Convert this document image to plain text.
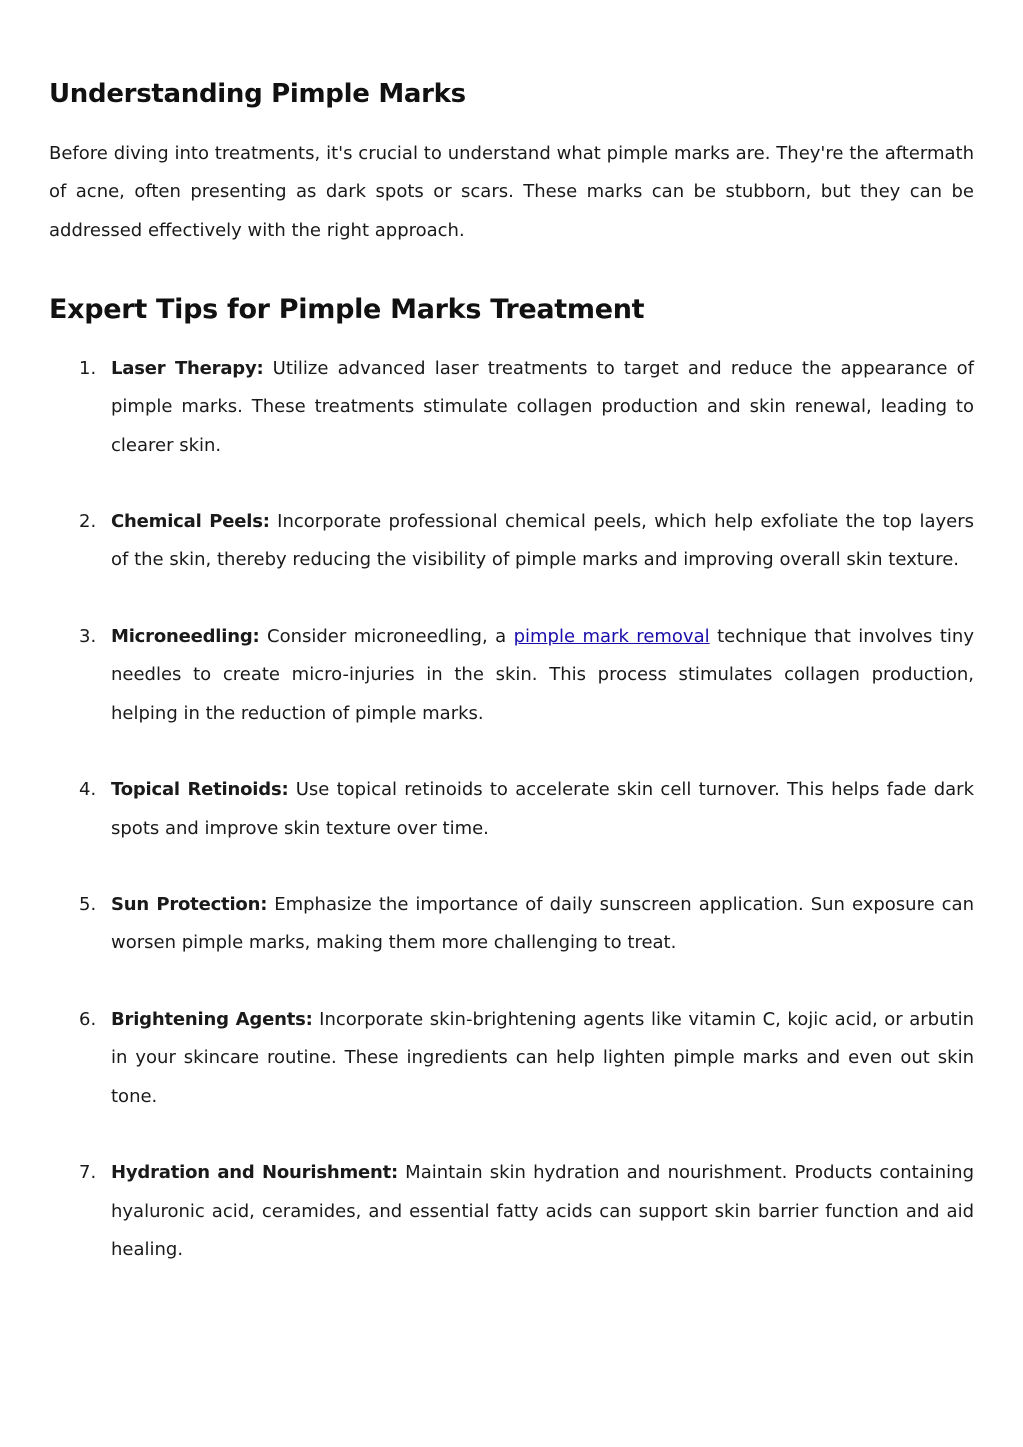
Understanding Pimple Marks

Before diving into treatments, it's crucial to understand what pimple marks are. They're the aftermath of acne, often presenting as dark spots or scars. These marks can be stubborn, but they can be addressed effectively with the right approach.

Expert Tips for Pimple Marks Treatment
1. Laser Therapy: Utilize advanced laser treatments to target and reduce the appearance of pimple marks. These treatments stimulate collagen production and skin renewal, leading to clearer skin.
2. Chemical Peels: Incorporate professional chemical peels, which help exfoliate the top layers of the skin, thereby reducing the visibility of pimple marks and improving overall skin texture.
3. Microneedling: Consider microneedling, a pimple mark removal technique that involves tiny needles to create micro-injuries in the skin. This process stimulates collagen production, helping in the reduction of pimple marks.
4. Topical Retinoids: Use topical retinoids to accelerate skin cell turnover. This helps fade dark spots and improve skin texture over time.
5. Sun Protection: Emphasize the importance of daily sunscreen application. Sun exposure can worsen pimple marks, making them more challenging to treat.
6. Brightening Agents: Incorporate skin-brightening agents like vitamin C, kojic acid, or arbutin in your skincare routine. These ingredients can help lighten pimple marks and even out skin tone.
7. Hydration and Nourishment: Maintain skin hydration and nourishment. Products containing hyaluronic acid, ceramides, and essential fatty acids can support skin barrier function and aid healing.
